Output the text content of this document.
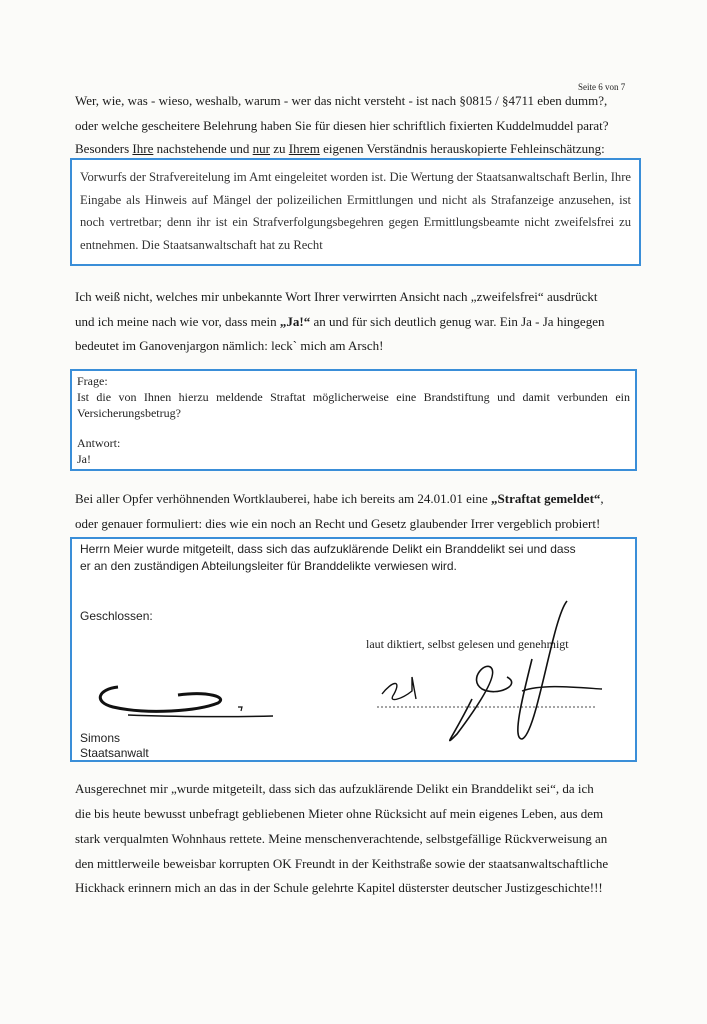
Seite 6 von 7

Wer, wie, was - wieso, weshalb, warum - wer das nicht versteht - ist nach §0815 / §4711 eben dumm?,

oder welche gescheitere Belehrung haben Sie für diesen hier schriftlich fixierten Kuddelmuddel parat?

Besonders Ihre nachstehende und nur zu Ihrem eigenen Verständnis herauskopierte Fehleinschätzung:

Vorwurfs der Strafvereitelung im Amt eingeleitet worden ist. Die Wertung der Staatsanwaltschaft Berlin, Ihre Eingabe als Hinweis auf Mängel der polizeilichen Ermittlungen und nicht als Strafanzeige anzusehen, ist noch vertretbar; denn ihr ist ein Strafverfolgungsbegehren gegen Ermittlungsbeamte nicht zweifelsfrei zu entnehmen. Die Staatsanwaltschaft hat zu Recht

Ich weiß nicht, welches mir unbekannte Wort Ihrer verwirrten Ansicht nach „zweifelsfrei“ ausdrückt

und ich meine nach wie vor, dass mein „Ja!“ an und für sich deutlich genug war. Ein Ja - Ja hingegen

bedeutet im Ganovenjargon nämlich: leck` mich am Arsch!

Frage:

Ist die von Ihnen hierzu meldende Straftat möglicherweise eine Brandstiftung und damit verbunden ein Versicherungsbetrug?

Antwort:

Ja!

Bei aller Opfer verhöhnenden Wortklauberei, habe ich bereits am 24.01.01 eine „Straftat gemeldet“,

oder genauer formuliert: dies wie ein noch an Recht und Gesetz glaubender Irrer vergeblich probiert!

Herrn Meier wurde mitgeteilt, dass sich das aufzuklärende Delikt ein Branddelikt sei und dass

er an den zuständigen Abteilungsleiter für Branddelikte verwiesen wird.

Geschlossen:

laut diktiert, selbst gelesen und genehmigt

Simons

Staatsanwalt

Ausgerechnet mir „wurde mitgeteilt, dass sich das aufzuklärende Delikt ein Branddelikt sei“, da ich

die bis heute bewusst unbefragt gebliebenen Mieter ohne Rücksicht auf mein eigenes Leben, aus dem

stark verqualmten Wohnhaus rettete. Meine menschenverachtende, selbstgefällige Rückverweisung an

den mittlerweile beweisbar korrupten OK Freundt in der Keithstraße sowie der staatsanwaltschaftliche

Hickhack erinnern mich an das in der Schule gelehrte Kapitel düsterster deutscher Justizgeschichte!!!
